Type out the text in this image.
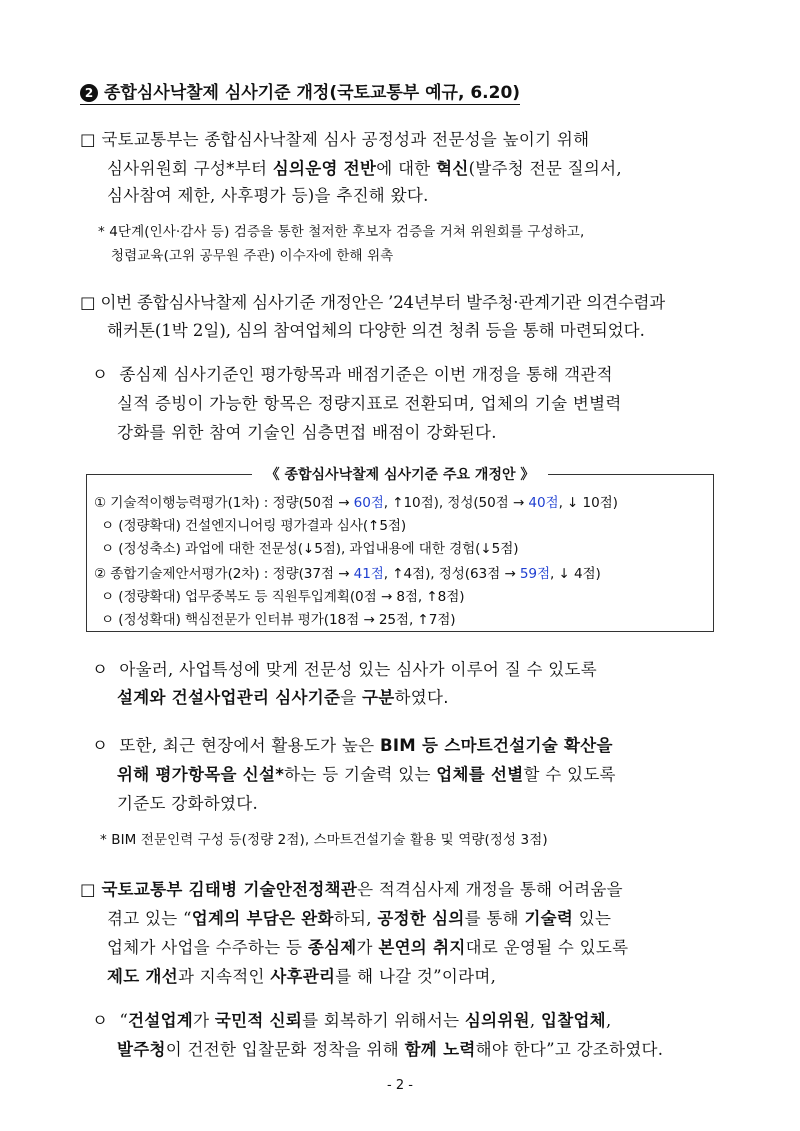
2 종합심사낙찰제 심사기준 개정(국토교통부 예규, 6.20)
□ 국토교통부는 종합심사낙찰제 심사 공정성과 전문성을 높이기 위해
심사위원회 구성*부터 심의운영 전반에 대한 혁신(발주청 전문 질의서,
심사참여 제한, 사후평가 등)을 추진해 왔다.
* 4단계(인사·감사 등) 검증을 통한 철저한 후보자 검증을 거쳐 위원회를 구성하고,
청렴교육(고위 공무원 주관) 이수자에 한해 위촉
□ 이번 종합심사낙찰제 심사기준 개정안은 ’24년부터 발주청·관계기관 의견수렴과
해커톤(1박 2일), 심의 참여업체의 다양한 의견 청취 등을 통해 마련되었다.
ㅇ 종심제 심사기준인 평가항목과 배점기준은 이번 개정을 통해 객관적
실적 증빙이 가능한 항목은 정량지표로 전환되며, 업체의 기술 변별력
강화를 위한 참여 기술인 심층면접 배점이 강화된다.
《 종합심사낙찰제 심사기준 주요 개정안 》
① 기술적이행능력평가(1차) : 정량(50점 → 60점, ↑10점), 정성(50점 → 40점, ↓ 10점)
ㅇ (정량확대) 건설엔지니어링 평가결과 심사(↑5점)
ㅇ (정성축소) 과업에 대한 전문성(↓5점), 과업내용에 대한 경험(↓5점)
② 종합기술제안서평가(2차) : 정량(37점 → 41점, ↑4점), 정성(63점 → 59점, ↓ 4점)
ㅇ (정량확대) 업무중복도 등 직원투입계획(0점 → 8점, ↑8점)
ㅇ (정성확대) 핵심전문가 인터뷰 평가(18점 → 25점, ↑7점)
ㅇ 아울러, 사업특성에 맞게 전문성 있는 심사가 이루어 질 수 있도록
설계와 건설사업관리 심사기준을 구분하였다.
ㅇ 또한, 최근 현장에서 활용도가 높은 BIM 등 스마트건설기술 확산을
위해 평가항목을 신설*하는 등 기술력 있는 업체를 선별할 수 있도록
기준도 강화하였다.
* BIM 전문인력 구성 등(정량 2점), 스마트건설기술 활용 및 역량(정성 3점)
□ 국토교통부 김태병 기술안전정책관은 적격심사제 개정을 통해 어려움을
겪고 있는 “업계의 부담은 완화하되, 공정한 심의를 통해 기술력 있는
업체가 사업을 수주하는 등 종심제가 본연의 취지대로 운영될 수 있도록
제도 개선과 지속적인 사후관리를 해 나갈 것”이라며,
ㅇ “건설업계가 국민적 신뢰를 회복하기 위해서는 심의위원, 입찰업체,
발주청이 건전한 입찰문화 정착을 위해 함께 노력해야 한다”고 강조하였다.
- 2 -
